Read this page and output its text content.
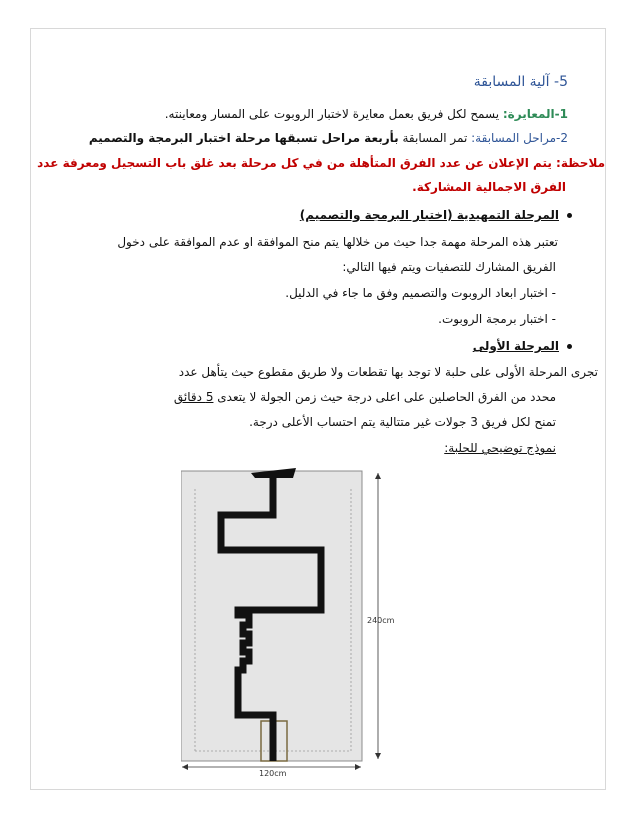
5- آلية المسابقة
1-المعايرة: يسمح لكل فريق بعمل معايرة لاختبار الروبوت على المسار ومعاينته.
2-مراحل المسابقة: تمر المسابقة بأربعة مراحل تسبقها مرحلة اختبار البرمجة والتصميم
ملاحظة: يتم الإعلان عن عدد الفرق المتأهلة من في كل مرحلة بعد غلق باب التسجيل ومعرفة عدد
الفرق الاجمالية المشاركة.
المرحلة التمهيدية (اختبار البرمجة والتصميم)
تعتبر هذه المرحلة مهمة جدا حيث من خلالها يتم منح الموافقة او عدم الموافقة على دخول
الفريق المشارك للتصفيات ويتم فيها التالي:
- اختبار ابعاد الروبوت والتصميم وفق ما جاء في الدليل.
- اختبار برمجة الروبوت.
المرحلة الأولى
تجرى المرحلة الأولى على حلبة لا توجد بها تقطعات ولا طريق مقطوع حيث يتأهل عدد
محدد من الفرق الحاصلين على اعلى درجة حيث زمن الجولة لا يتعدى 5 دقائق
تمنح لكل فريق 3 جولات غير متتالية يتم احتساب الأعلى درجة.
نموذج توضيحي للحلبة:
240cm
120cm
